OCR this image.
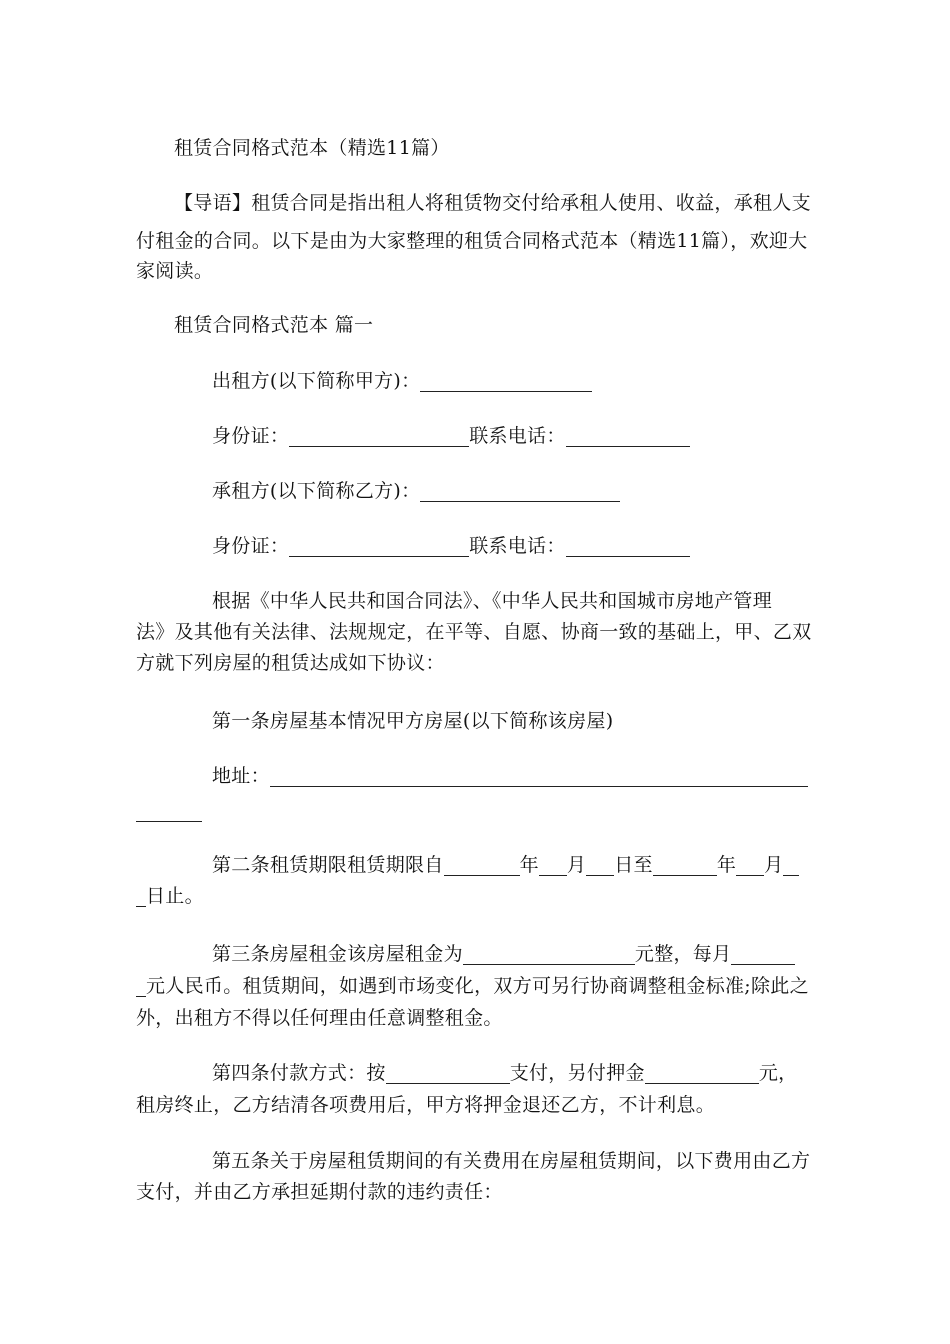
租赁合同格式范本（精选11篇）
【导语】租赁合同是指出租人将租赁物交付给承租人使用、收益，承租人支
付租金的合同。以下是由为大家整理的租赁合同格式范本（精选11篇），欢迎大
家阅读。
租赁合同格式范本 篇一
出租方(以下简称甲方)：
身份证：	联系电话：
承租方(以下简称乙方)：
身份证：	联系电话：
根据《中华人民共和国合同法》、《中华人民共和国城市房地产管理
法》及其他有关法律、法规规定，在平等、自愿、协商一致的基础上，甲、乙双
方就下列房屋的租赁达成如下协议：
第一条房屋基本情况甲方房屋(以下简称该房屋)
地址：
第二条租赁期限租赁期限自	年 月 日至	年 月
日止。
第三条房屋租金该房屋租金为	元整，每月
元人民币。租赁期间，如遇到市场变化，双方可另行协商调整租金标准;除此之
外，出租方不得以任何理由任意调整租金。
第四条付款方式：按	支付，另付押金	元，
租房终止，乙方结清各项费用后，甲方将押金退还乙方，不计利息。
第五条关于房屋租赁期间的有关费用在房屋租赁期间，以下费用由乙方
支付，并由乙方承担延期付款的违约责任：
